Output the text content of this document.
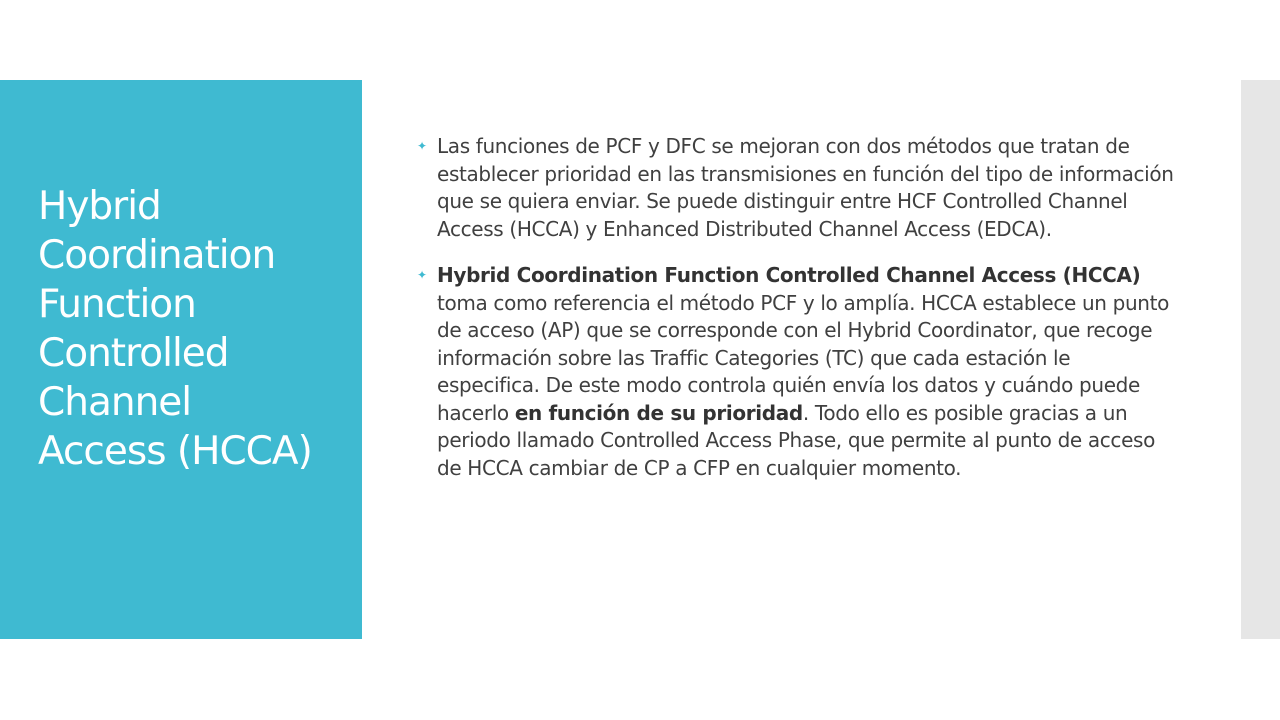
Hybrid
Coordination
Function
Controlled
Channel
Access (HCCA)

✦ Las funciones de PCF y DFC se mejoran con dos métodos que tratan de establecer prioridad en las transmisiones en función del tipo de información que se quiera enviar. Se puede distinguir entre HCF Controlled Channel Access (HCCA) y Enhanced Distributed Channel Access (EDCA).

✦ Hybrid Coordination Function Controlled Channel Access (HCCA) toma como referencia el método PCF y lo amplía. HCCA establece un punto de acceso (AP) que se corresponde con el Hybrid Coordinator, que recoge información sobre las Traffic Categories (TC) que cada estación le especifica. De este modo controla quién envía los datos y cuándo puede hacerlo en función de su prioridad. Todo ello es posible gracias a un periodo llamado Controlled Access Phase, que permite al punto de acceso de HCCA cambiar de CP a CFP en cualquier momento.
